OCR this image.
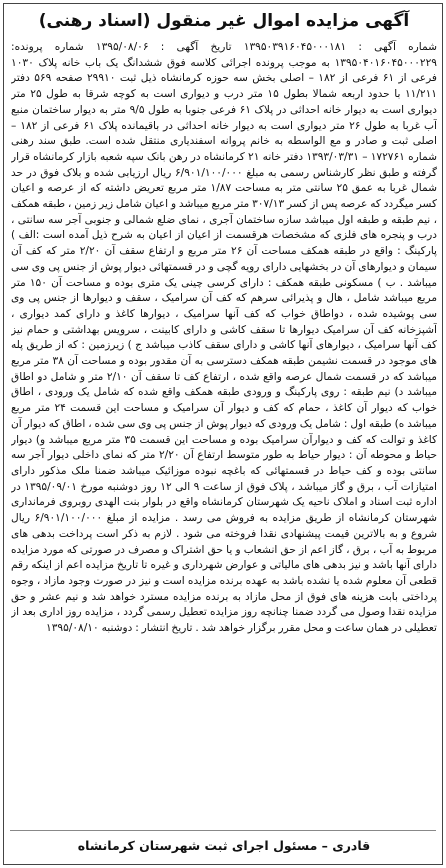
آگهی مزایده اموال غیر منقول (اسناد رهنی)
شماره آگهی : ۱۳۹۵۰۳۹۱۶۰۴۵۰۰۰۱۸۱ تاریخ آگهی : ۱۳۹۵/۰۸/۰۶ شماره پرونده: ۱۳۹۵۰۴۰۱۶۰۴۵۰۰۰۲۲۹ به موجب پرونده اجرائی کلاسه فوق ششدانگ یک باب خانه پلاک ۱۰۳۰ فرعی از ۶۱ فرعی از ۱۸۲ – اصلی بخش سه حوزه کرمانشاه ذیل ثبت ۲۹۹۱۰ صفحه ۵۶۹ دفتر ۱۱/۲۱۱ با حدود اربعه شمالا بطول ۱۵ متر درب و دیواری است به کوچه شرقا به طول ۲۵ متر دیواری است به دیوار خانه احداثی در پلاک ۶۱ فرعی جنوبا به طول ۹/۵ متر به دیوار ساختمان منبع آب غربا به طول ۲۶ متر دیواری است به دیوار خانه احداثی در باقیمانده پلاک ۶۱ فرعی از ۱۸۲ – اصلی ثبت و صادر و مع الواسطه به خانم پروانه اسفندیاری منتقل شده است. طبق سند رهنی شماره ۱۷۲۷۶۱ – ۱۳۹۳/۰۳/۳۱ دفتر خانه ۲۱ کرمانشاه در رهن بانک سپه شعبه بازار کرمانشاه قرار گرفته و طبق نظر کارشناس رسمی به مبلغ ۶/۹۰۱/۱۰۰/۰۰۰ ریال ارزیابی شده و بلاک فوق در حد شمال غربا به عمق ۲۵ سانتی متر به مساحت ۱/۸۷ متر مربع تعریض داشته که از عرصه و اعیان کسر میگردد که عرصه پس از کسر ۳۰۷/۱۳ متر مربع میباشد و اعیان شامل زیر زمین ، طبقه همکف ، نیم طبقه و طبقه اول میباشد سازه ساختمان آجری ، نمای ضلع شمالی و جنوبی آجر سه سانتی ، درب و پنجره های فلزی که مشخصات هرقسمت از اعیان از اعیان به شرح ذیل آمده است :الف ) پارکینگ : واقع در طبقه همکف مساحت آن ۲۶ متر مربع و ارتفاع سقف آن ۲/۲۰ متر که کف آن سیمان و دیوارهای آن در بخشهایی دارای رویه گچی و در قسمتهائی دیوار پوش از جنس پی وی سی میباشد . ب ) مسکونی طبقه همکف : دارای کرسی چینی یک متری بوده و مساحت آن ۱۵۰ متر مربع میباشد شامل ، هال و پذیرائی سرهم که کف آن سرامیک ، سقف و دیوارها از جنس پی وی سی پوشیده شده ، دواطاق خواب که کف آنها سرامیک ، دیوارها کاغذ و دارای کمد دیواری ، آشپزخانه کف آن سرامیک دیوارها تا سقف کاشی و دارای کابینت ، سرویس بهداشتی و حمام نیز کف آنها سرامیک ، دیوارهای آنها کاشی و دارای سقف کاذب میباشد ج ) زیرزمین : که از طریق پله های موجود در قسمت نشیمن طبقه همکف دسترسی به آن مقدور بوده و مساحت آن ۳۸ متر مربع میباشد که در قسمت شمال عرصه واقع شده ، ارتفاع کف تا سقف آن ۲/۱۰ متر و شامل دو اطاق میباشد د) نیم طبقه : روی پارکینگ و ورودی طبقه همکف واقع شده که شامل یک ورودی ، اطاق خواب که دیوار آن کاغذ ، حمام که کف و دیوار آن سرامیک و مساحت این قسمت ۲۴ متر مربع میباشد ه) طبقه اول : شامل یک ورودی که دیوار پوش از جنس پی وی سی شده ، اطاق که دیوار آن کاغذ و توالت که کف و دیوارآن سرامیک بوده و مساحت این قسمت ۳۵ متر مربع میباشد و) دیوار حیاط و محوطه آن : دیوار حیاط به طور متوسط ارتفاع آن ۲/۲۰ متر که نمای داخلی دیوار آجر سه سانتی بوده و کف حیاط در قسمتهائی که باغچه نبوده موزائیک میباشد ضمنا ملک مذکور دارای امتیازات آب ، برق و گاز میباشد ، پلاک فوق از ساعت ۹ الی ۱۲ روز دوشنبه مورخ ۱۳۹۵/۰۹/۰۱ در اداره ثبت اسناد و املاک ناحیه یک شهرستان کرمانشاه واقع در بلوار بنت الهدی روبروی فرمانداری شهرستان کرمانشاه از طریق مزایده به فروش می رسد . مزایده از مبلغ ۶/۹۰۱/۱۰۰/۰۰۰ ریال شروع و به بالاترین قیمت پیشنهادی نقدا فروخته می شود . لازم به ذکر است پرداخت بدهی های مربوط به آب ، برق ، گاز اعم از حق انشعاب و یا حق اشتراک و مصرف در صورتی که مورد مزایده دارای آنها باشد و نیز بدهی های مالیاتی و عوارض شهرداری و غیره تا تاریخ مزایده اعم از اینکه رقم قطعی آن معلوم شده یا نشده باشد به عهده برنده مزایده است و نیز در صورت وجود مازاد ، وجوه پرداختی بابت هزینه های فوق از محل مازاد به برنده مزایده مسترد خواهد شد و نیم عشر و حق مزایده نقدا وصول می گردد ضمنا چنانچه روز مزایده تعطیل رسمی گردد ، مزایده روز اداری بعد از تعطیلی در همان ساعت و محل مقرر برگزار خواهد شد . تاریخ انتشار : دوشنبه ۱۳۹۵/۰۸/۱۰
قادری – مسئول اجرای ثبت شهرستان کرمانشاه
